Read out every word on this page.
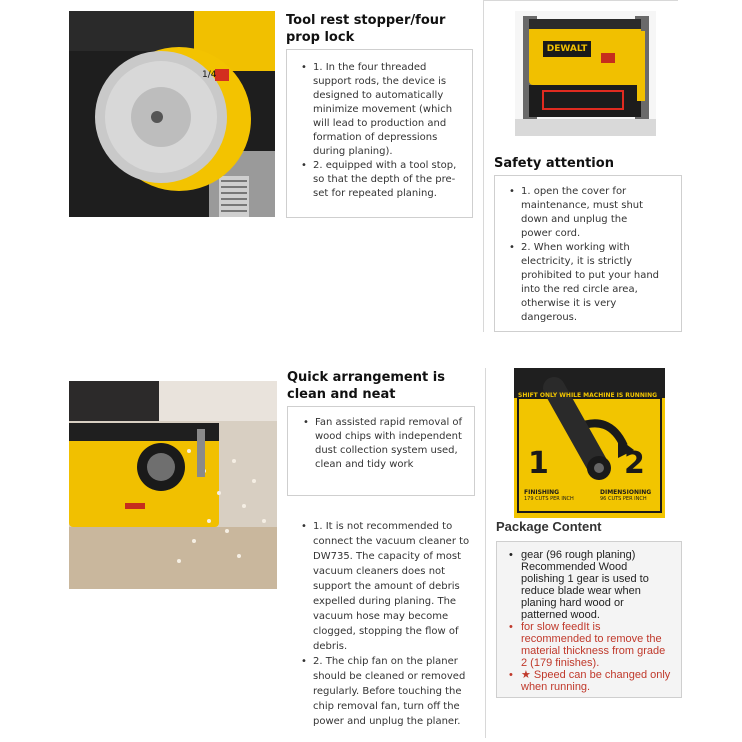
1/4
Tool rest stopper/four prop lock
• 1. In the four threaded support rods, the device is designed to automatically minimize movement (which will lead to production and formation of depressions during planing).
• 2. equipped with a tool stop, so that the depth of the pre-set for repeated planing.
DEWALT
Safety attention
• 1. open the cover for maintenance, must shut down and unplug the power cord.
• 2. When working with electricity, it is strictly prohibited to put your hand into the red circle area, otherwise it is very dangerous.
Quick arrangement is clean and neat
• Fan assisted rapid removal of wood chips with independent dust collection system used, clean and tidy work
• 1. It is not recommended to connect the vacuum cleaner to DW735. The capacity of most vacuum cleaners does not support the amount of debris expelled during planing. The vacuum hose may become clogged, stopping the flow of debris.
• 2. The chip fan on the planer should be cleaned or removed regularly. Before touching the chip removal fan, turn off the power and unplug the planer.
SHIFT ONLY WHILE MACHINE IS RUNNING
1	2
FINISHING
179 CUTS PER INCH
DIMENSIONING
96 CUTS PER INCH
Package Content
• gear (96 rough planing) Recommended Wood polishing 1 gear is used to reduce blade wear when planing hard wood or patterned wood.
• for slow feedIt is recommended to remove the material thickness from grade 2 (179 finishes).
• ★ Speed can be changed only when running.
